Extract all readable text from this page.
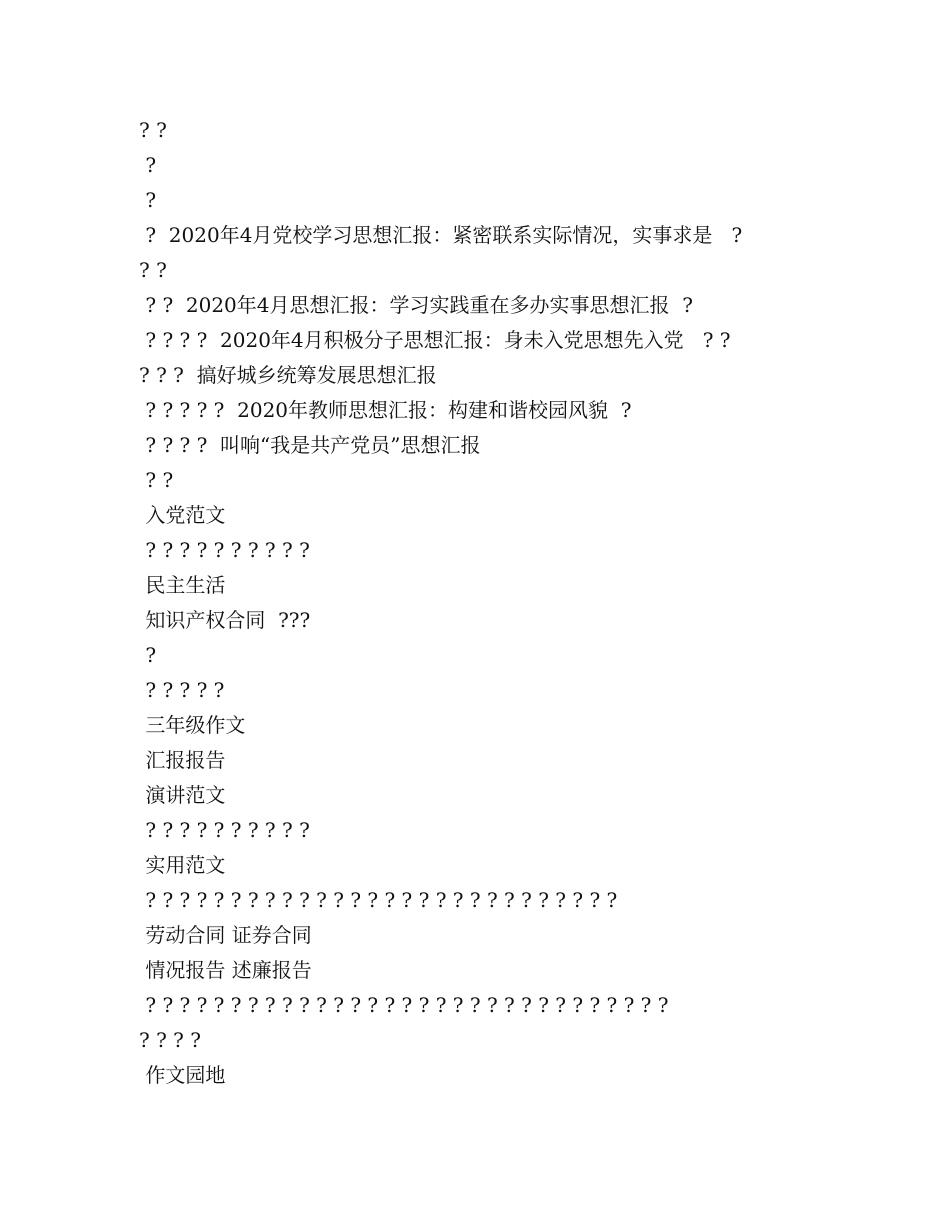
? ?
?
?
?  2020年4月党校学习思想汇报：紧密联系实际情况，实事求是   ?
? ?
? ?  2020年4月思想汇报：学习实践重在多办实事思想汇报  ?
? ? ? ?  2020年4月积极分子思想汇报：身未入党思想先入党   ? ?
? ? ?  搞好城乡统筹发展思想汇报
? ? ? ? ?  2020年教师思想汇报：构建和谐校园风貌  ?
? ? ? ?  叫响“我是共产党员”思想汇报
? ?
入党范文
? ? ? ? ? ? ? ? ? ?
民主生活
知识产权合同  ???
?
? ? ? ? ?
三年级作文
汇报报告
演讲范文
? ? ? ? ? ? ? ? ? ?
实用范文
? ? ? ? ? ? ? ? ? ? ? ? ? ? ? ? ? ? ? ? ? ? ? ? ? ? ? ?
劳动合同 证券合同
情况报告 述廉报告
? ? ? ? ? ? ? ? ? ? ? ? ? ? ? ? ? ? ? ? ? ? ? ? ? ? ? ? ? ? ?
? ? ? ?
作文园地
